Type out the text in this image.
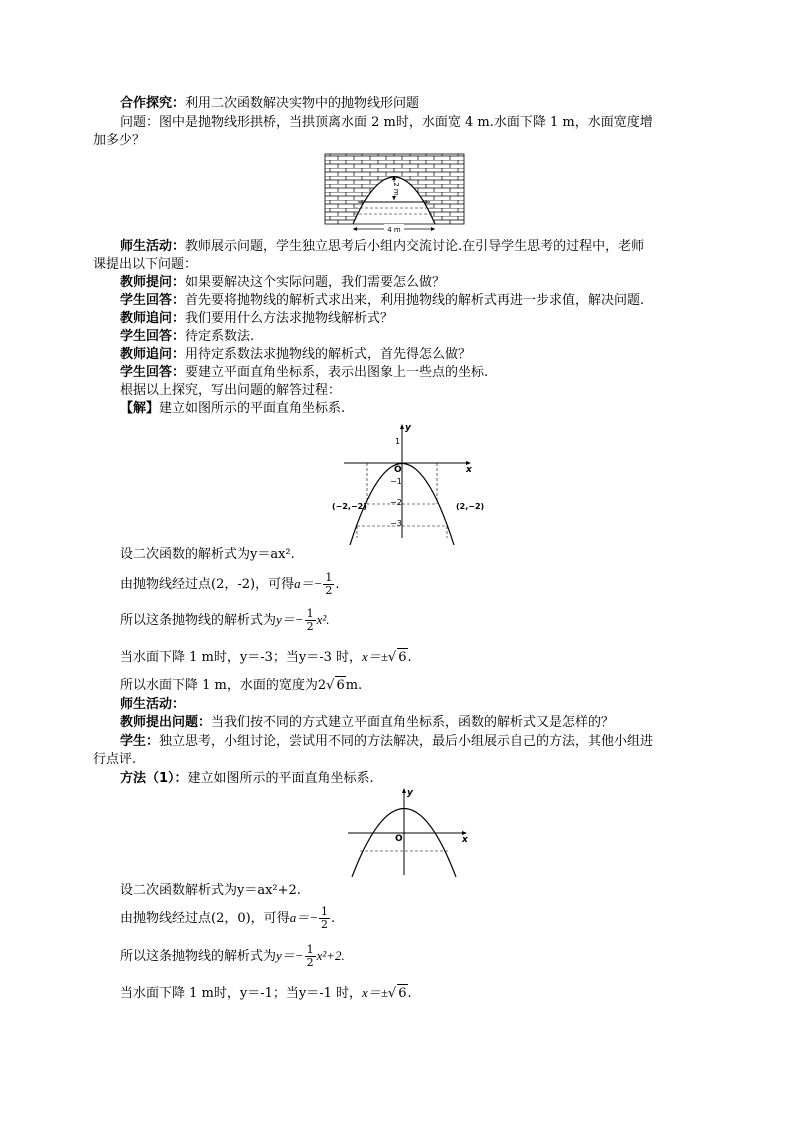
合作探究：利用二次函数解决实物中的抛物线形问题
问题：图中是抛物线形拱桥，当拱顶离水面 2 m时，水面宽 4 m.水面下降 1 m，水面宽度增
加多少？
2 m
4 m
师生活动：教师展示问题，学生独立思考后小组内交流讨论.在引导学生思考的过程中，老师
课提出以下问题：
教师提问：如果要解决这个实际问题，我们需要怎么做？
学生回答：首先要将抛物线的解析式求出来，利用抛物线的解析式再进一步求值，解决问题.
教师追问：我们要用什么方法求抛物线解析式？
学生回答：待定系数法.
教师追问：用待定系数法求抛物线的解析式，首先得怎么做？
学生回答：要建立平面直角坐标系，表示出图象上一些点的坐标.
根据以上探究，写出问题的解答过程：
【解】建立如图所示的平面直角坐标系.
y
x
O
1
−1
−2
−3
(−2,−2)	(2,−2)
设二次函数的解析式为y＝ax².
由抛物线经过点(2，-2)，可得$a=- \frac{1}{2}$ .
所以这条抛物线的解析式为$y=- \frac{1}{2} x^2$.
当水面下降 1 m时，y＝-3；当y＝-3 时，x＝±√ 6.
所以水面下降 1 m，水面的宽度为2√ 6m.
师生活动：
教师提出问题：当我们按不同的方式建立平面直角坐标系，函数的解析式又是怎样的？
学生：独立思考，小组讨论，尝试用不同的方法解决，最后小组展示自己的方法，其他小组进
行点评.
方法（1）：建立如图所示的平面直角坐标系.
y
x
O
设二次函数解析式为y＝ax²+2.
由抛物线经过点(2，0)，可得$a=- \frac{1}{2}$ .
所以这条抛物线的解析式为$y=- \frac{1}{2} x^2+2$.
当水面下降 1 m时，y＝-1；当y＝-1 时，x＝±√ 6.
